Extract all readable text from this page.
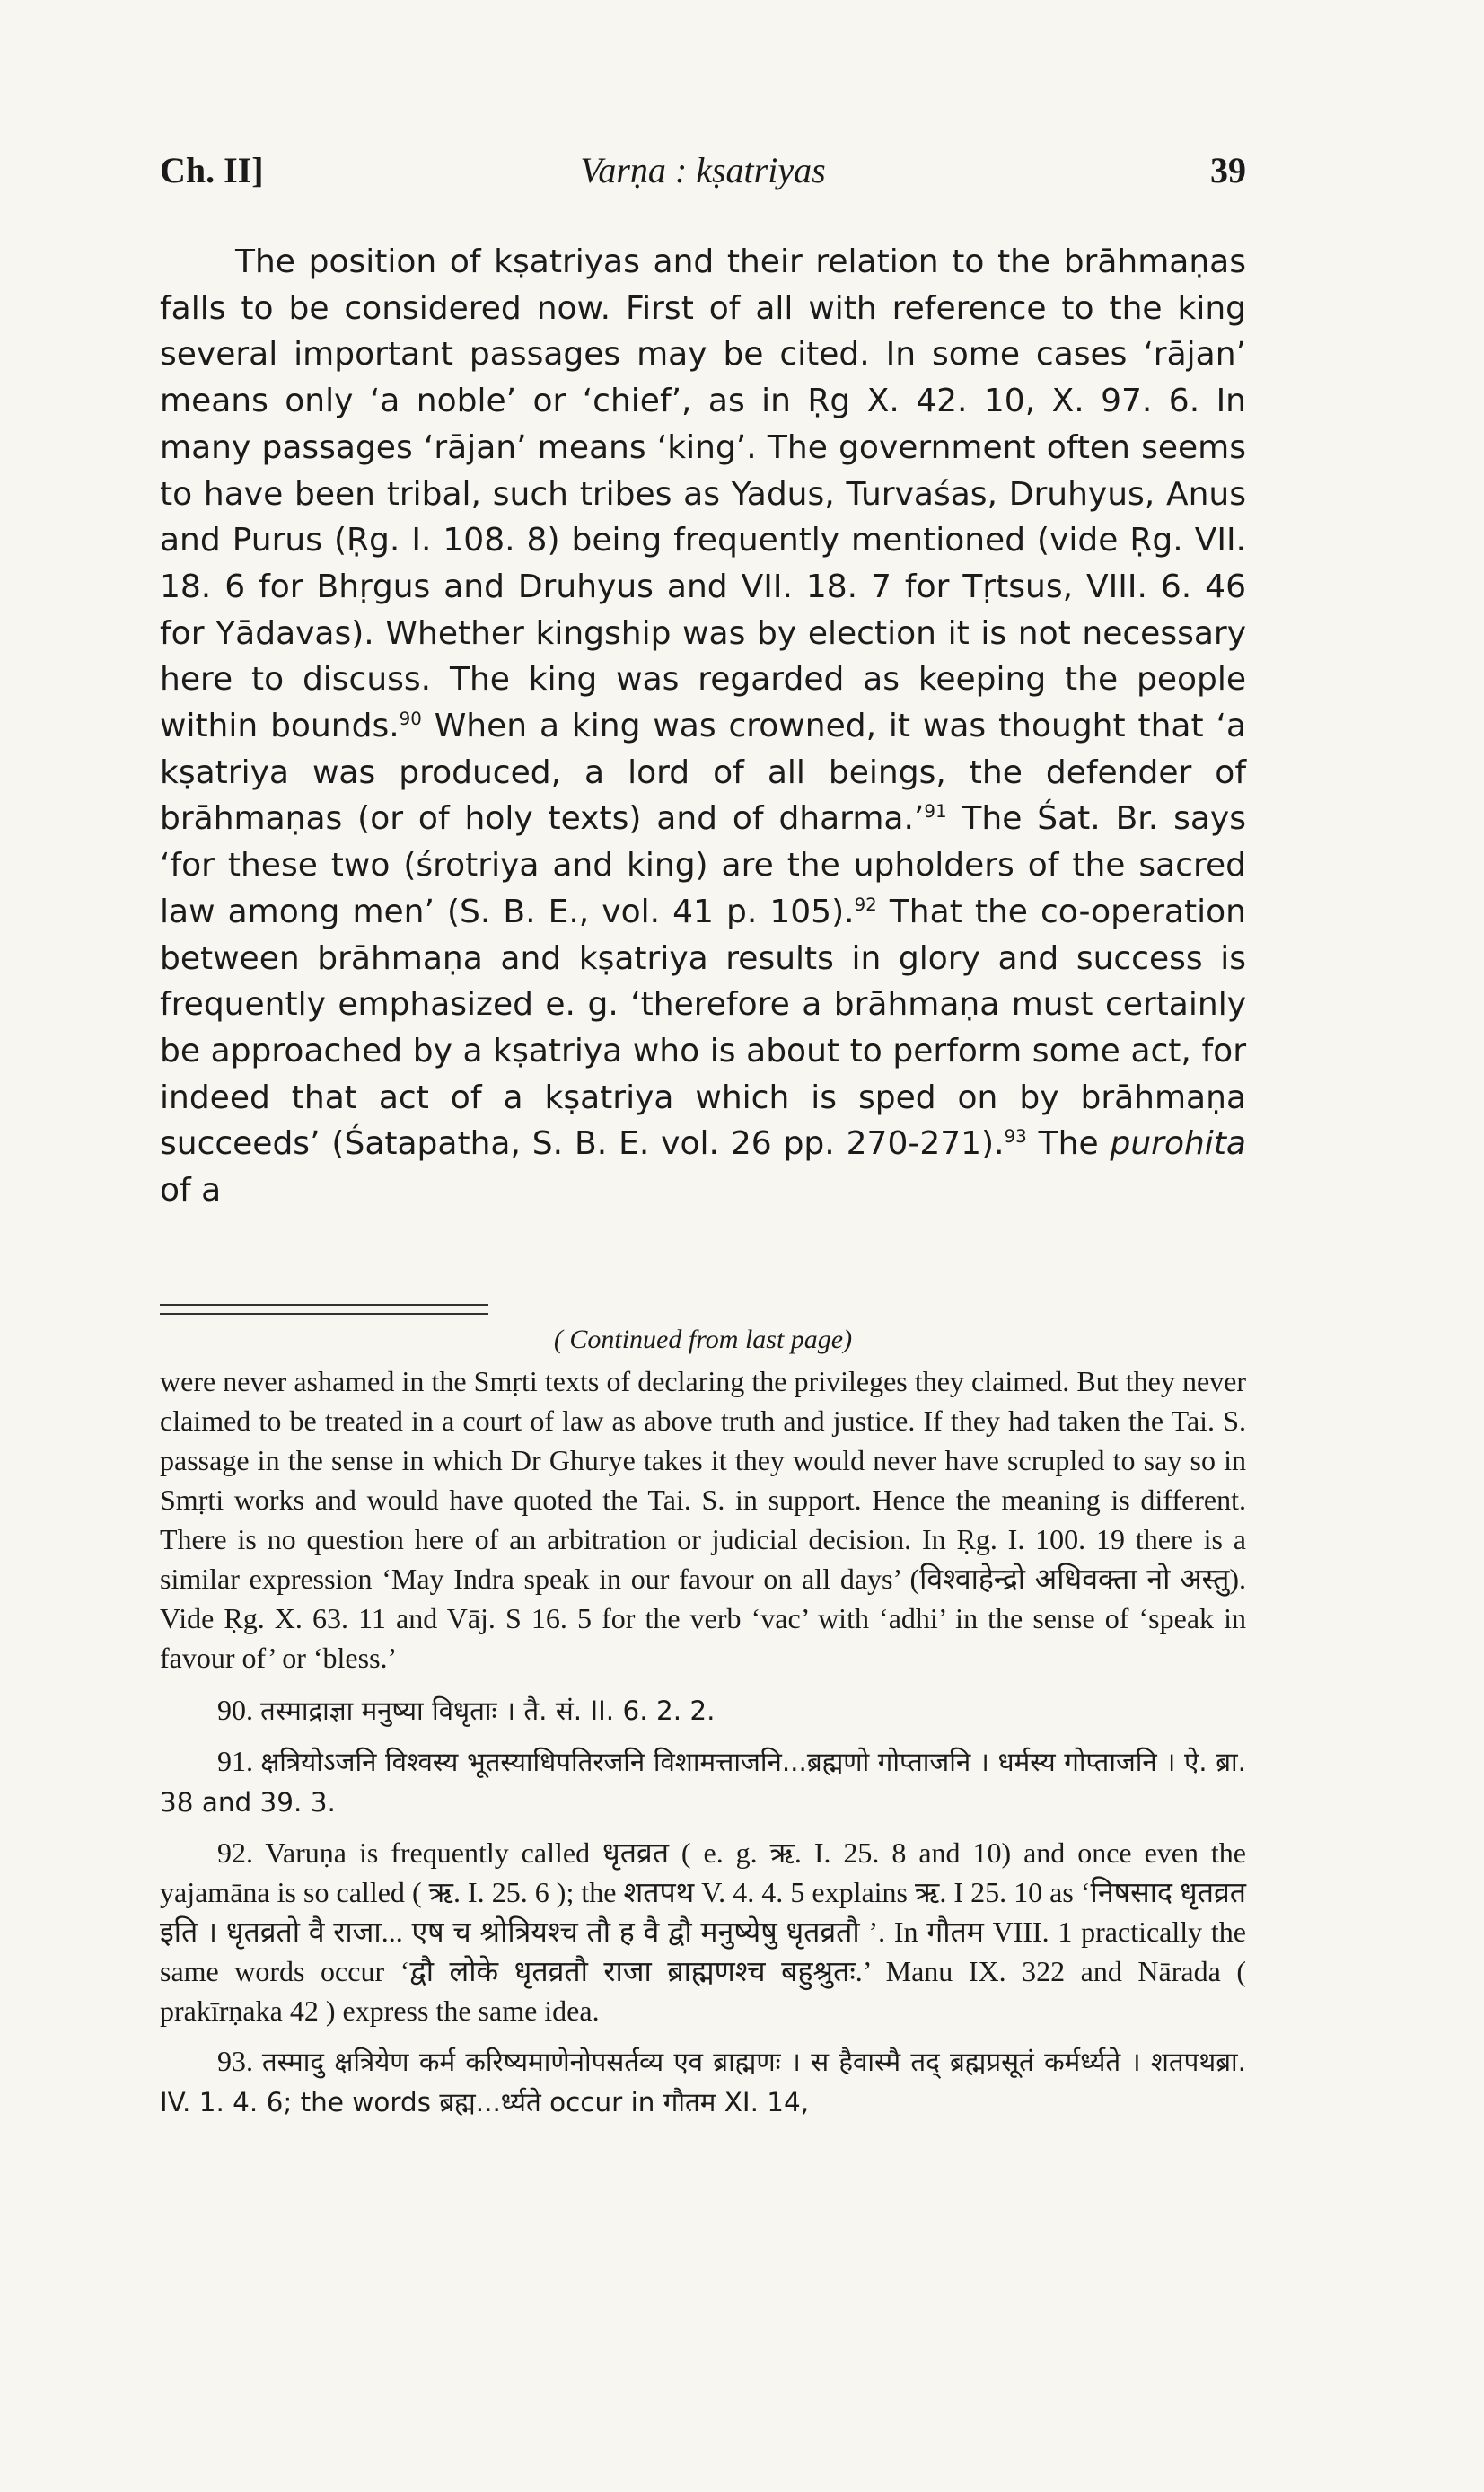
Ch. II]	Varṇa : kṣatriyas	39

The position of kṣatriyas and their relation to the brāhmaṇas falls to be considered now. First of all with reference to the king several important passages may be cited. In some cases ‘rājan’ means only ‘a noble’ or ‘chief’, as in Ṛg X. 42. 10, X. 97. 6. In many passages ‘rājan’ means ‘king’. The government often seems to have been tribal, such tribes as Yadus, Turvaśas, Druhyus, Anus and Purus (Ṛg. I. 108. 8) being frequently mentioned (vide Ṛg. VII. 18. 6 for Bhṛgus and Druhyus and VII. 18. 7 for Tṛtsus, VIII. 6. 46 for Yādavas). Whether kingship was by election it is not necessary here to discuss. The king was regarded as keeping the people within bounds.$^{90}$ When a king was crowned, it was thought that ‘a kṣatriya was produced, a lord of all beings, the defender of brāhmaṇas (or of holy texts) and of dharma.’$^{91}$ The Śat. Br. says ‘for these two (śrotriya and king) are the upholders of the sacred law among men’ (S. B. E., vol. 41 p. 105).$^{92}$ That the co-operation between brāhmaṇa and kṣatriya results in glory and success is frequently emphasized e. g. ‘therefore a brāhmaṇa must certainly be approached by a kṣatriya who is about to perform some act, for indeed that act of a kṣatriya which is sped on by brāhmaṇa succeeds’ (Śatapatha, S. B. E. vol. 26 pp. 270-271).$^{93}$ The purohita of a

( Continued from last page)

were never ashamed in the Smṛti texts of declaring the privileges they claimed. But they never claimed to be treated in a court of law as above truth and justice. If they had taken the Tai. S. passage in the sense in which Dr Ghurye takes it they would never have scrupled to say so in Smṛti works and would have quoted the Tai. S. in support. Hence the meaning is different. There is no question here of an arbitration or judicial decision. In Ṛg. I. 100. 19 there is a similar expression ‘May Indra speak in our favour on all days’ (विश्वाहेन्द्रो अधिवक्ता नो अस्तु). Vide Ṛg. X. 63. 11 and Vāj. S 16. 5 for the verb ‘vac’ with ‘adhi’ in the sense of ‘speak in favour of’ or ‘bless.’

90. तस्माद्राज्ञा मनुष्या विधृताः । तै. सं. II. 6. 2. 2.

91. क्षत्रियोऽजनि विश्वस्य भूतस्याधिपतिरजनि विशामत्ताजनि...ब्रह्मणो गोप्ताजनि । धर्मस्य गोप्ताजनि । ऐ. ब्रा. 38 and 39. 3.

92. Varuṇa is frequently called धृतव्रत ( e. g. ऋ. I. 25. 8 and 10) and once even the yajamāna is so called ( ऋ. I. 25. 6 ); the शतपथ V. 4. 4. 5 explains ऋ. I 25. 10 as ‘निषसाद धृतव्रत इति । धृतव्रतो वै राजा... एष च श्रोत्रियश्च तौ ह वै द्वौ मनुष्येषु धृतव्रतौ ’. In गौतम VIII. 1 practically the same words occur ‘द्वौ लोके धृतव्रतौ राजा ब्राह्मणश्च बहुश्रुतः.’ Manu IX. 322 and Nārada ( prakīrṇaka 42 ) express the same idea.

93. तस्मादु क्षत्रियेण कर्म करिष्यमाणेनोपसर्तव्य एव ब्राह्मणः । स हैवास्मै तद् ब्रह्मप्रसूतं कर्मर्ध्यते । शतपथब्रा. IV. 1. 4. 6; the words ब्रह्म...र्ध्यते occur in गौतम XI. 14,
